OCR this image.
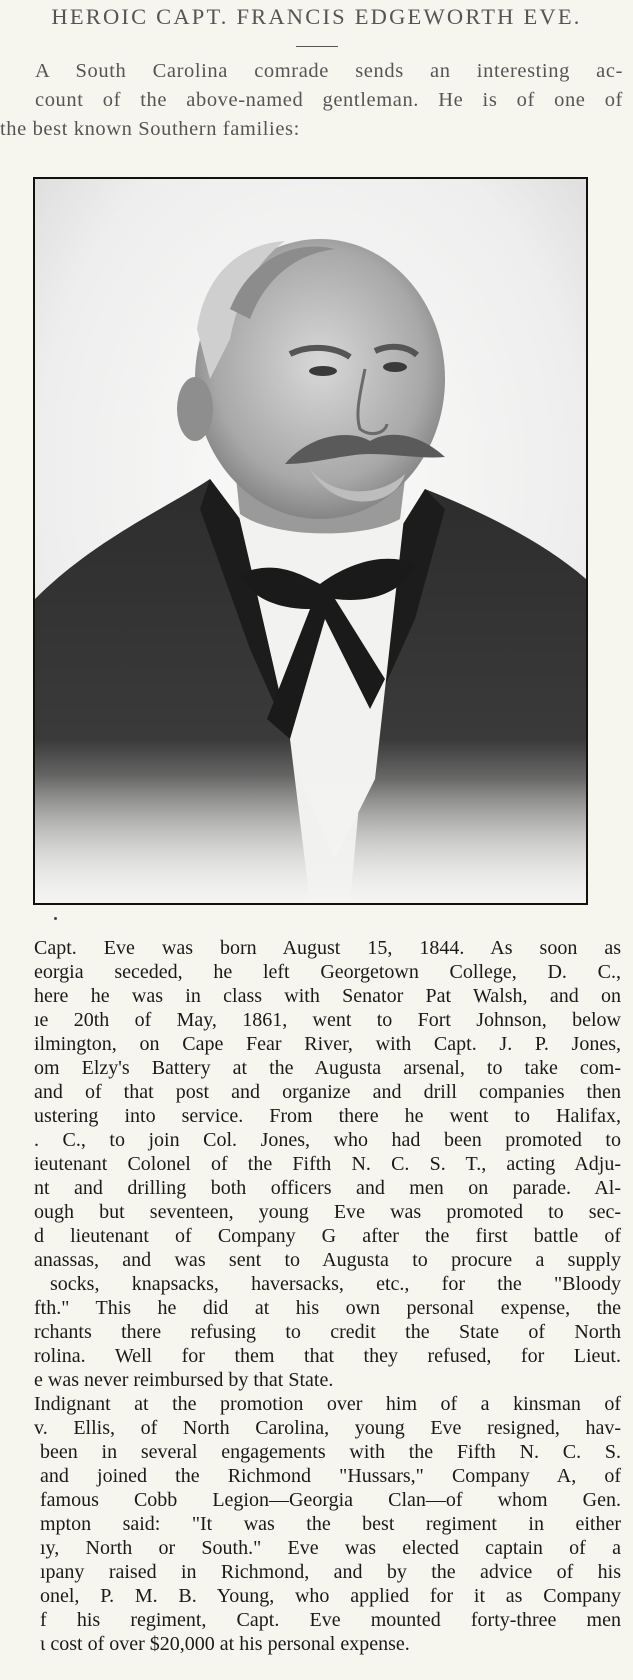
HEROIC CAPT. FRANCIS EDGEWORTH EVE.
A South Carolina comrade sends an interesting ac-
count of the above-named gentleman. He is of one of
the best known Southern families:
Capt. Eve was born August 15, 1844. As soon as
eorgia seceded, he left Georgetown College, D. C.,
here he was in class with Senator Pat Walsh, and on
ıe 20th of May, 1861, went to Fort Johnson, below
ilmington, on Cape Fear River, with Capt. J. P. Jones,
om Elzy's Battery at the Augusta arsenal, to take com-
and of that post and organize and drill companies then
ustering into service. From there he went to Halifax,
. C., to join Col. Jones, who had been promoted to
ieutenant Colonel of the Fifth N. C. S. T., acting Adju-
nt and drilling both officers and men on parade. Al-
ough but seventeen, young Eve was promoted to sec-
d lieutenant of Company G after the first battle of
anassas, and was sent to Augusta to procure a supply
socks, knapsacks, haversacks, etc., for the "Bloody
fth." This he did at his own personal expense, the
rchants there refusing to credit the State of North
rolina. Well for them that they refused, for Lieut.
e was never reimbursed by that State.
Indignant at the promotion over him of a kinsman of
v. Ellis, of North Carolina, young Eve resigned, hav-
been in several engagements with the Fifth N. C. S.
and joined the Richmond "Hussars," Company A, of
famous Cobb Legion—Georgia Clan—of whom Gen.
mpton said: "It was the best regiment in either
ıy, North or South." Eve was elected captain of a
ıpany raised in Richmond, and by the advice of his
onel, P. M. B. Young, who applied for it as Company
f his regiment, Capt. Eve mounted forty-three men
ι cost of over $20,000 at his personal expense.
